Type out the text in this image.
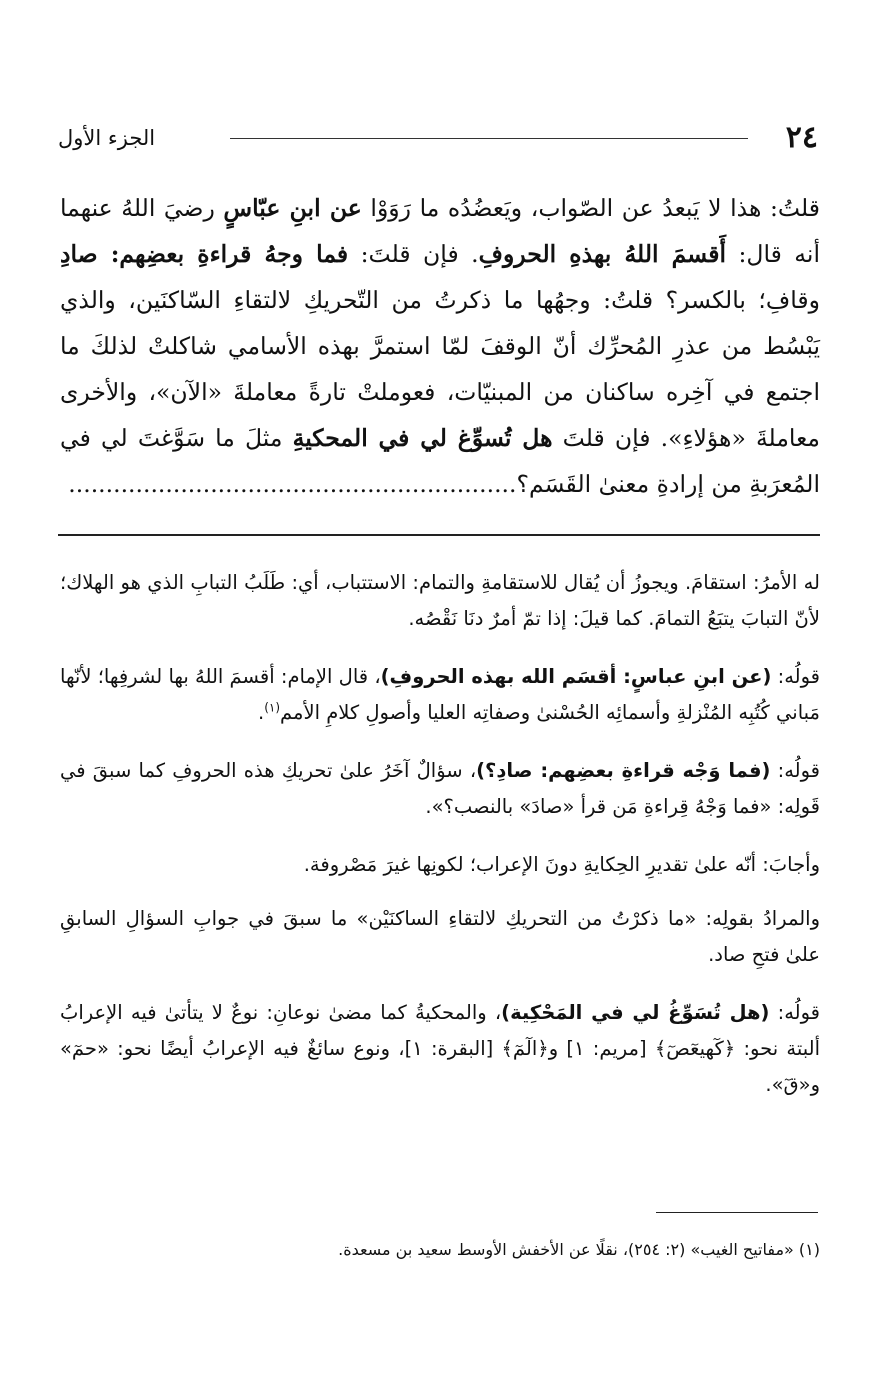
٢٤
الجزء الأول

قلتُ: هذا لا يَبعدُ عن الصّواب، ويَعضُدُه ما رَوَوْا عن ابنِ عبّاسٍ رضيَ اللهُ عنهما أنه قال: أَقسمَ اللهُ بهذهِ الحروفِ. فإن قلتَ: فما وجهُ قراءةِ بعضِهم: صادِ وقافِ؛ بالكسر؟ قلتُ: وجهُها ما ذكرتُ من التّحريكِ لالتقاءِ السّاكنَين، والذي يَبْسُط من عذرِ المُحرِّك أنّ الوقفَ لمّا استمرَّ بهذه الأسامي شاكلتْ لذلكَ ما اجتمع في آخِره ساكنان من المبنيّات، فعوملتْ تارةً معاملةَ «الآن»، والأخرى معاملةَ «هؤلاءِ». فإن قلتَ هل تُسوِّغ لي في المحكيةِ مثلَ ما سَوَّغتَ لي في المُعرَبةِ من إرادةِ معنىٰ القَسَم؟............................................................

له الأمرُ: استقامَ. ويجوزُ أن يُقال للاستقامةِ والتمام: الاستتباب، أي: طَلَبُ التبابِ الذي هو الهلاك؛ لأنّ التبابَ يتبَعُ التمامَ. كما قيلَ: إذا تمّ أمرٌ دنَا نَقْصُه.

قولُه: (عن ابنِ عباسٍ: أقسَم الله بهذه الحروفِ)، قال الإمام: أقسمَ اللهُ بها لشرفِها؛ لأنّها مَباني كُتُبِه المُنْزلةِ وأسمائِه الحُسْنىٰ وصفاتِه العليا وأصولِ كلامِ الأمم$^{(١)}$.

قولُه: (فما وَجْه قراءةِ بعضِهم: صادِ؟)، سؤالٌ آخَرُ علىٰ تحريكِ هذه الحروفِ كما سبقَ في قَولِه: «فما وَجْهُ قِراءةِ مَن قرأ «صادَ» بالنصب؟».

وأجابَ: أنّه علىٰ تقديرِ الحِكايةِ دونَ الإعراب؛ لكونِها غيرَ مَصْروفة.

والمرادُ بقولِه: «ما ذكرْتُ من التحريكِ لالتقاءِ الساكنَيْن» ما سبقَ في جوابِ السؤالِ السابقِ علىٰ فتحِ صاد.

قولُه: (هل تُسَوِّغُ لي في المَحْكِية)، والمحكيةُ كما مضىٰ نوعانِ: نوعٌ لا يتأتىٰ فيه الإعرابُ ألبتة نحو: ﴿كٓهيعٓصٓ﴾ [مريم: ١] و﴿الٓمٓ﴾ [البقرة: ١]، ونوع سائغٌ فيه الإعرابُ أيضًا نحو: «حمٓ» و«قٓ».

(١) «مفاتيح الغيب» (٢: ٢٥٤)، نقلًا عن الأخفش الأوسط سعيد بن مسعدة.
